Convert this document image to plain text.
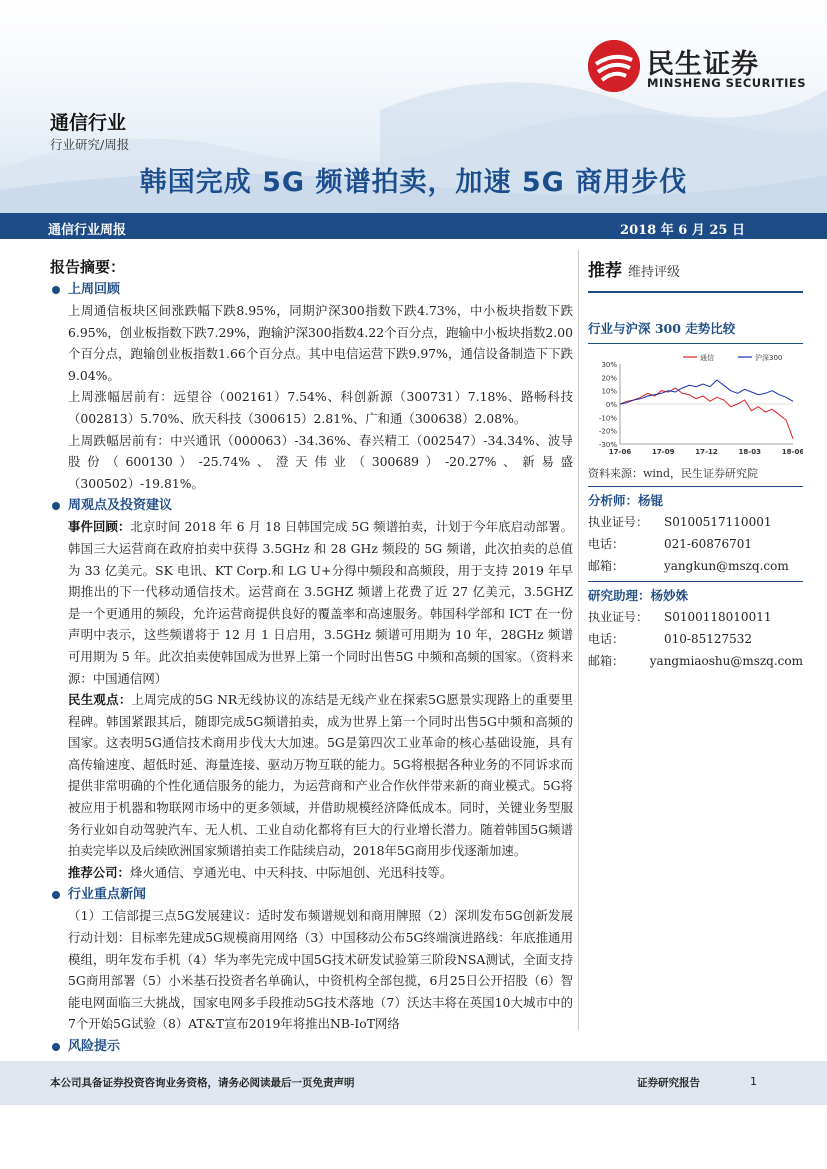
民生证券
MINSHENG SECURITIES
通信行业
行业研究/周报
韩国完成 5G 频谱拍卖，加速 5G 商用步伐
通信行业周报	2018 年 6 月 25 日
报告摘要：
上周回顾
上周通信板块区间涨跌幅下跌8.95%，同期沪深300指数下跌4.73%，中小板块指数下跌6.95%，创业板指数下跌7.29%，跑输沪深300指数4.22个百分点，跑输中小板块指数2.00个百分点，跑输创业板指数1.66个百分点。其中电信运营下跌9.97%，通信设备制造下下跌9.04%。
上周涨幅居前有：远望谷（002161）7.54%、科创新源（300731）7.18%、路畅科技（002813）5.70%、欣天科技（300615）2.81%、广和通（300638）2.08%。
上周跌幅居前有：中兴通讯（000063）-34.36%、春兴精工（002547）-34.34%、波导股份（600130）-25.74%、澄天伟业（300689）-20.27%、新易盛（300502）-19.81%。
周观点及投资建议
事件回顾：北京时间 2018 年 6 月 18 日韩国完成 5G 频谱拍卖，计划于今年底启动部署。韩国三大运营商在政府拍卖中获得 3.5GHz 和 28 GHz 频段的 5G 频谱，此次拍卖的总值为 33 亿美元。SK 电讯、KT Corp.和 LG U+分得中频段和高频段，用于支持 2019 年早期推出的下一代移动通信技术。运营商在 3.5GHZ 频谱上花费了近 27 亿美元，3.5GHZ 是一个更通用的频段，允许运营商提供良好的覆盖率和高速服务。韩国科学部和 ICT 在一份声明中表示，这些频谱将于 12 月 1 日启用，3.5GHz 频谱可用期为 10 年，28GHz 频谱可用期为 5 年。此次拍卖使韩国成为世界上第一个同时出售5G 中频和高频的国家。（资料来源：中国通信网）
民生观点：上周完成的5G NR无线协议的冻结是无线产业在探索5G愿景实现路上的重要里程碑。韩国紧跟其后，随即完成5G频谱拍卖，成为世界上第一个同时出售5G中频和高频的国家。这表明5G通信技术商用步伐大大加速。5G是第四次工业革命的核心基础设施，具有高传输速度、超低时延、海量连接、驱动万物互联的能力。5G将根据各种业务的不同诉求而提供非常明确的个性化通信服务的能力，为运营商和产业合作伙伴带来新的商业模式。5G将被应用于机器和物联网市场中的更多领域，并借助规模经济降低成本。同时，关键业务型服务行业如自动驾驶汽车、无人机、工业自动化都将有巨大的行业增长潜力。随着韩国5G频谱拍卖完毕以及后续欧洲国家频谱拍卖工作陆续启动，2018年5G商用步伐逐渐加速。
推荐公司：烽火通信、亨通光电、中天科技、中际旭创、光迅科技等。
行业重点新闻
（1）工信部提三点5G发展建议：适时发布频谱规划和商用牌照（2）深圳发布5G创新发展行动计划：目标率先建成5G规模商用网络（3）中国移动公布5G终端演进路线：年底推通用模组，明年发布手机（4）华为率先完成中国5G技术研发试验第三阶段NSA测试，全面支持5G商用部署（5）小米基石投资者名单确认，中资机构全部包揽，6月25日公开招股（6）智能电网面临三大挑战，国家电网多手段推动5G技术落地（7）沃达丰将在英国10大城市中的7个开始5G试验（8）AT&T宣布2019年将推出NB-IoT网络
风险提示
推荐 维持评级
行业与沪深 300 走势比较
30%
20%
10%
0%
-10%
-20%
-30%
17-06	17-09	17-12	18-03	18-06
通信	沪深300
资料来源：wind，民生证券研究院
分析师：杨锟
执业证号：	S0100517110001
电话：	021-60876701
邮箱：	yangkun@mszq.com
研究助理：杨妙姝
执业证号：	S0100118010011
电话：	010-85127532
邮箱：	yangmiaoshu@mszq.com
本公司具备证券投资咨询业务资格，请务必阅读最后一页免责声明	证券研究报告	1
